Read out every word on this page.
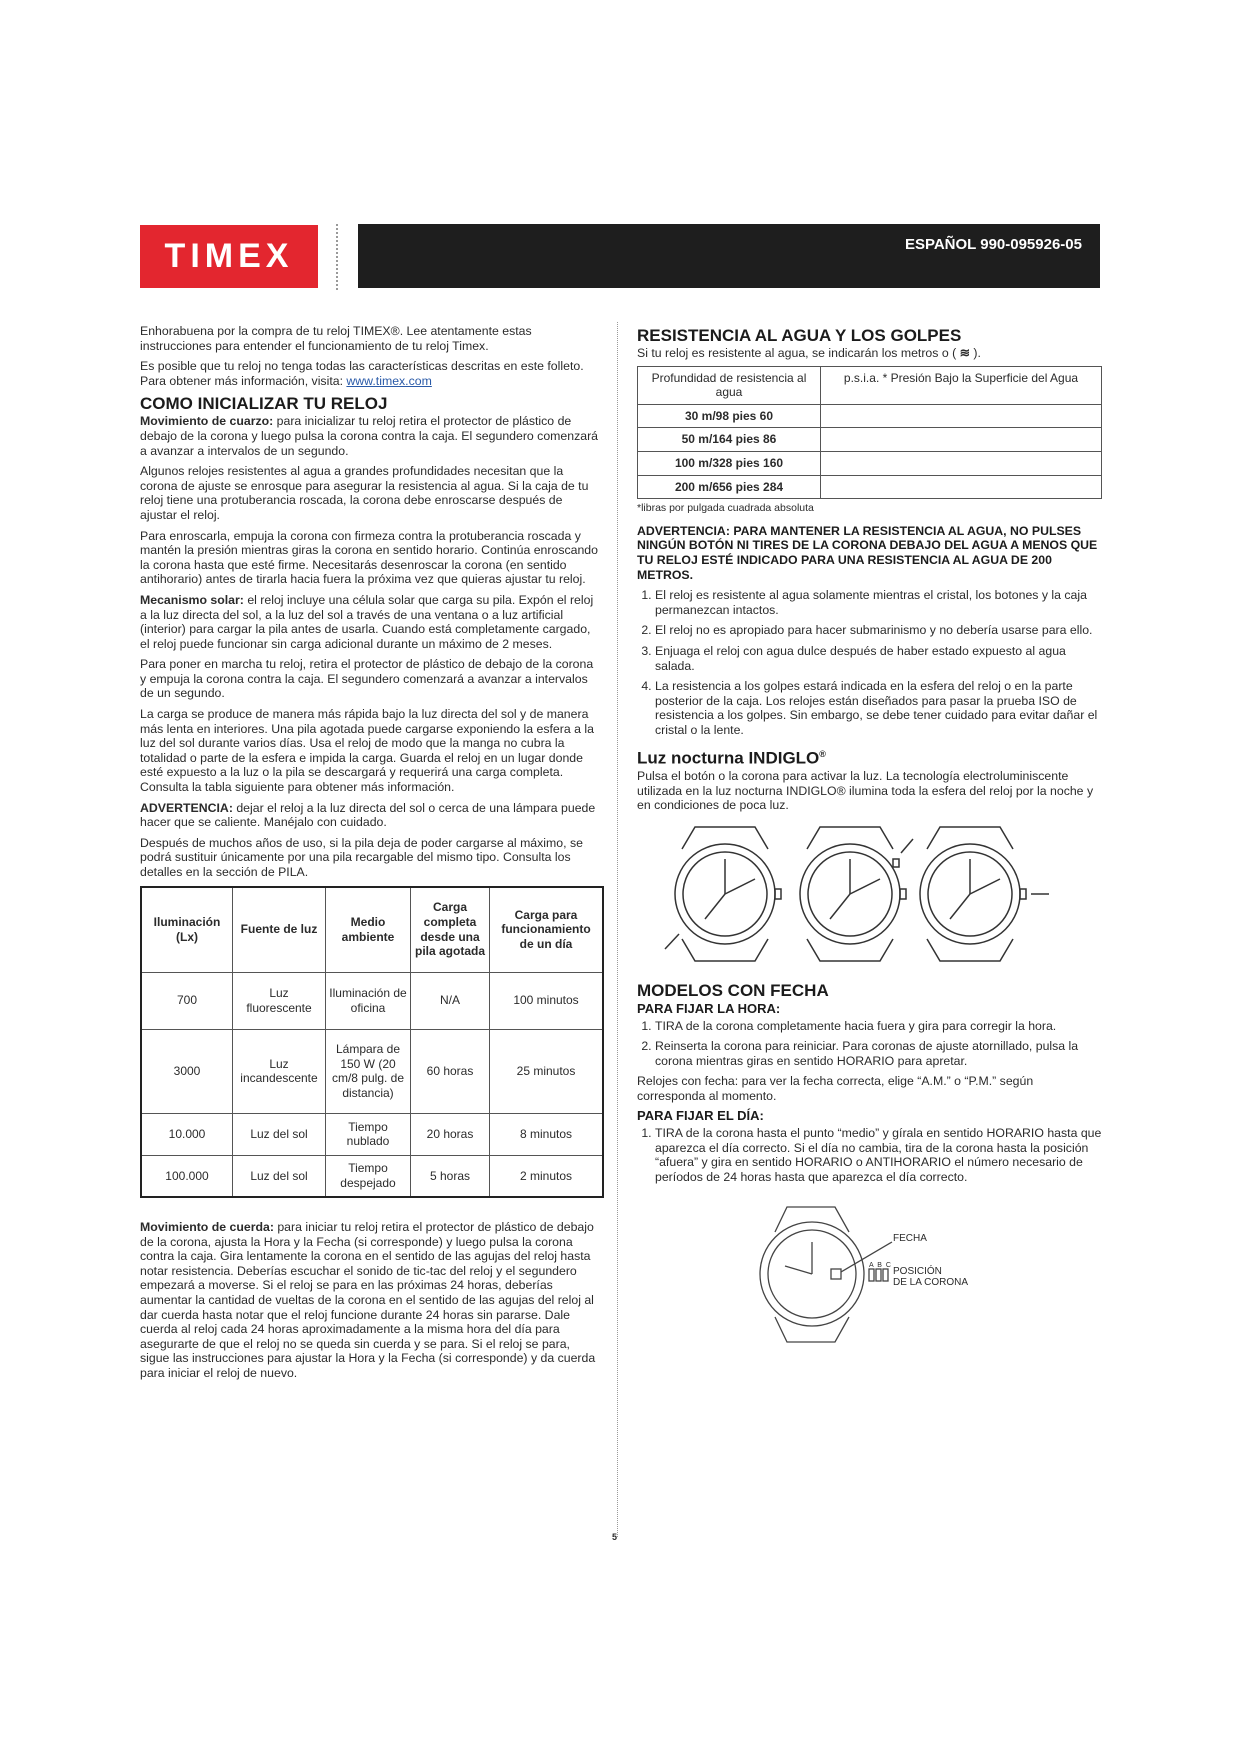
TIMEX	ESPAÑOL 990-095926-05

Enhorabuena por la compra de tu reloj TIMEX®. Lee atentamente estas instrucciones para entender el funcionamiento de tu reloj Timex.

Es posible que tu reloj no tenga todas las características descritas en este folleto. Para obtener más información, visita: www.timex.com

COMO INICIALIZAR TU RELOJ

Movimiento de cuarzo: para inicializar tu reloj retira el protector de plástico de debajo de la corona y luego pulsa la corona contra la caja. El segundero comenzará a avanzar a intervalos de un segundo.

Algunos relojes resistentes al agua a grandes profundidades necesitan que la corona de ajuste se enrosque para asegurar la resistencia al agua. Si la caja de tu reloj tiene una protuberancia roscada, la corona debe enroscarse después de ajustar el reloj.

Para enroscarla, empuja la corona con firmeza contra la protuberancia roscada y mantén la presión mientras giras la corona en sentido horario. Continúa enroscando la corona hasta que esté firme. Necesitarás desenroscar la corona (en sentido antihorario) antes de tirarla hacia fuera la próxima vez que quieras ajustar tu reloj.

Mecanismo solar: el reloj incluye una célula solar que carga su pila. Expón el reloj a la luz directa del sol, a la luz del sol a través de una ventana o a luz artificial (interior) para cargar la pila antes de usarla. Cuando está completamente cargado, el reloj puede funcionar sin carga adicional durante un máximo de 2 meses.

Para poner en marcha tu reloj, retira el protector de plástico de debajo de la corona y empuja la corona contra la caja. El segundero comenzará a avanzar a intervalos de un segundo.

La carga se produce de manera más rápida bajo la luz directa del sol y de manera más lenta en interiores. Una pila agotada puede cargarse exponiendo la esfera a la luz del sol durante varios días. Usa el reloj de modo que la manga no cubra la totalidad o parte de la esfera e impida la carga. Guarda el reloj en un lugar donde esté expuesto a la luz o la pila se descargará y requerirá una carga completa. Consulta la tabla siguiente para obtener más información.

ADVERTENCIA: dejar el reloj a la luz directa del sol o cerca de una lámpara puede hacer que se caliente. Manéjalo con cuidado.

Después de muchos años de uso, si la pila deja de poder cargarse al máximo, se podrá sustituir únicamente por una pila recargable del mismo tipo. Consulta los detalles en la sección de PILA.

Iluminación (Lx)	Fuente de luz	Medio ambiente	Carga completa desde una pila agotada	Carga para funcionamiento de un día
700	Luz fluorescente	Iluminación de oficina	N/A	100 minutos
3000	Luz incandescente	Lámpara de 150 W (20 cm/8 pulg. de distancia)	60 horas	25 minutos
10.000	Luz del sol	Tiempo nublado	20 horas	8 minutos
100.000	Luz del sol	Tiempo despejado	5 horas	2 minutos

Movimiento de cuerda: para iniciar tu reloj retira el protector de plástico de debajo de la corona, ajusta la Hora y la Fecha (si corresponde) y luego pulsa la corona contra la caja. Gira lentamente la corona en el sentido de las agujas del reloj hasta notar resistencia. Deberías escuchar el sonido de tic-tac del reloj y el segundero empezará a moverse. Si el reloj se para en las próximas 24 horas, deberías aumentar la cantidad de vueltas de la corona en el sentido de las agujas del reloj al dar cuerda hasta notar que el reloj funcione durante 24 horas sin pararse. Dale cuerda al reloj cada 24 horas aproximadamente a la misma hora del día para asegurarte de que el reloj no se queda sin cuerda y se para. Si el reloj se para, sigue las instrucciones para ajustar la Hora y la Fecha (si corresponde) y da cuerda para iniciar el reloj de nuevo.

RESISTENCIA AL AGUA Y LOS GOLPES
Si tu reloj es resistente al agua, se indicarán los metros o ( ≋ ).
Profundidad de resistencia al agua	p.s.i.a. * Presión Bajo la Superficie del Agua
30 m/98 pies 60	
50 m/164 pies 86	
100 m/328 pies 160	
200 m/656 pies 284	
*libras por pulgada cuadrada absoluta
ADVERTENCIA: PARA MANTENER LA RESISTENCIA AL AGUA, NO PULSES NINGÚN BOTÓN NI TIRES DE LA CORONA DEBAJO DEL AGUA A MENOS QUE TU RELOJ ESTÉ INDICADO PARA UNA RESISTENCIA AL AGUA DE 200 METROS.
1. El reloj es resistente al agua solamente mientras el cristal, los botones y la caja permanezcan intactos.
2. El reloj no es apropiado para hacer submarinismo y no debería usarse para ello.
3. Enjuaga el reloj con agua dulce después de haber estado expuesto al agua salada.
4. La resistencia a los golpes estará indicada en la esfera del reloj o en la parte posterior de la caja. Los relojes están diseñados para pasar la prueba ISO de resistencia a los golpes. Sin embargo, se debe tener cuidado para evitar dañar el cristal o la lente.
Luz nocturna INDIGLO®

Pulsa el botón o la corona para activar la luz. La tecnología electroluminiscente utilizada en la luz nocturna INDIGLO® ilumina toda la esfera del reloj por la noche y en condiciones de poca luz.

MODELOS CON FECHA
PARA FIJAR LA HORA:
1. TIRA de la corona completamente hacia fuera y gira para corregir la hora.
2. Reinserta la corona para reiniciar. Para coronas de ajuste atornillado, pulsa la corona mientras giras en sentido HORARIO para apretar.

Relojes con fecha: para ver la fecha correcta, elige “A.M.” o “P.M.” según corresponda al momento.

PARA FIJAR EL DÍA:
1. TIRA de la corona hasta el punto “medio” y gírala en sentido HORARIO hasta que aparezca el día correcto. Si el día no cambia, tira de la corona hasta la posición “afuera” y gira en sentido HORARIO o ANTIHORARIO el número necesario de períodos de 24 horas hasta que aparezca el día correcto.
FECHA
A B C
POSICIÓN
DE LA CORONA
5
